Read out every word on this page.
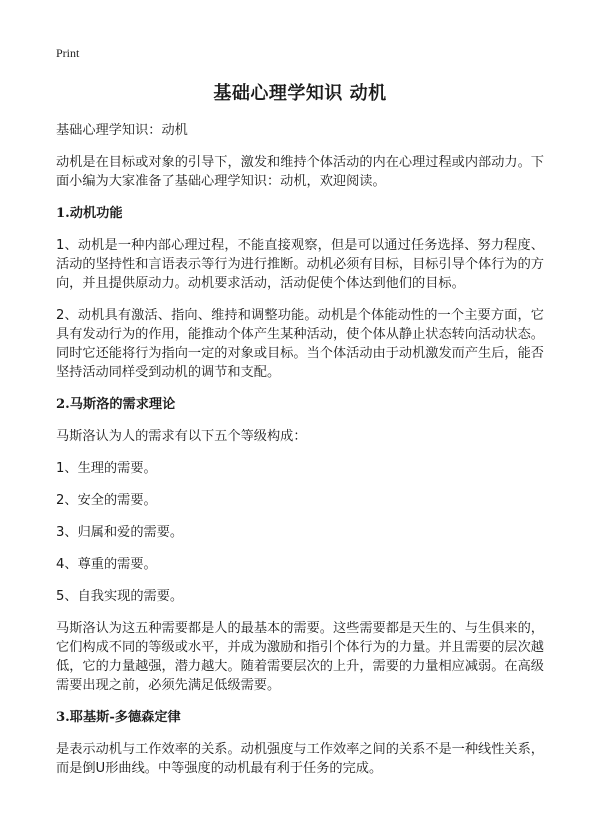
Print
基础心理学知识 动机

基础心理学知识：动机

动机是在目标或对象的引导下，激发和维持个体活动的内在心理过程或内部动力。下面小编为大家准备了基础心理学知识：动机，欢迎阅读。

1.动机功能

1、动机是一种内部心理过程，不能直接观察，但是可以通过任务选择、努力程度、活动的坚持性和言语表示等行为进行推断。动机必须有目标，目标引导个体行为的方向，并且提供原动力。动机要求活动，活动促使个体达到他们的目标。

2、动机具有激活、指向、维持和调整功能。动机是个体能动性的一个主要方面，它具有发动行为的作用，能推动个体产生某种活动，使个体从静止状态转向活动状态。同时它还能将行为指向一定的对象或目标。当个体活动由于动机激发而产生后，能否坚持活动同样受到动机的调节和支配。

2.马斯洛的需求理论

马斯洛认为人的需求有以下五个等级构成：

1、生理的需要。

2、安全的需要。

3、归属和爱的需要。

4、尊重的需要。

5、自我实现的需要。

马斯洛认为这五种需要都是人的最基本的需要。这些需要都是天生的、与生俱来的，它们构成不同的等级或水平，并成为激励和指引个体行为的力量。并且需要的层次越低，它的力量越强，潜力越大。随着需要层次的上升，需要的力量相应减弱。在高级需要出现之前，必须先满足低级需要。

3.耶基斯-多德森定律

是表示动机与工作效率的关系。动机强度与工作效率之间的关系不是一种线性关系，而是倒U形曲线。中等强度的动机最有利于任务的完成。
